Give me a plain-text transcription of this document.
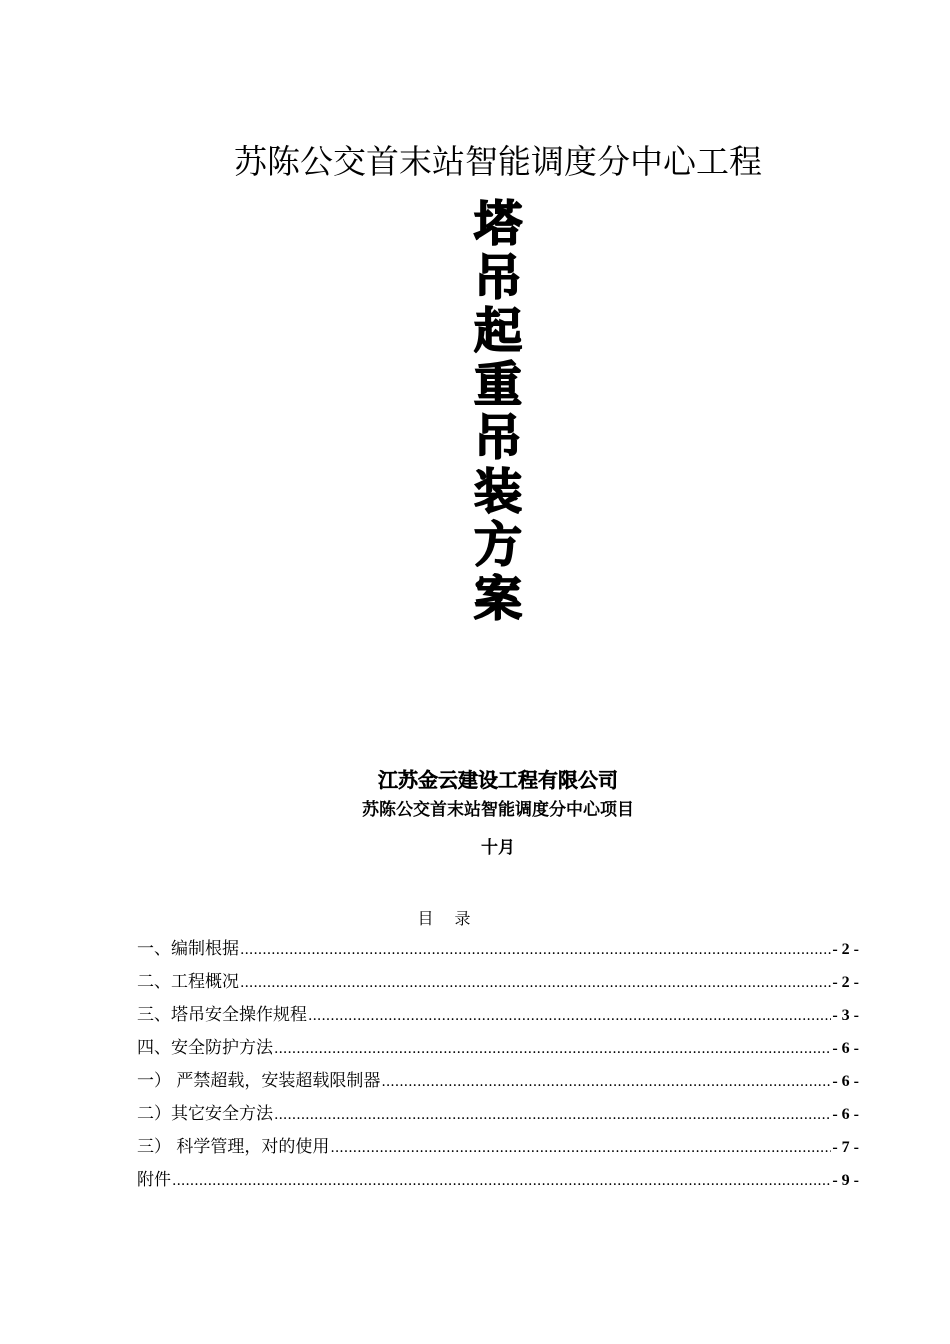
苏陈公交首末站智能调度分中心工程
塔
吊
起
重
吊
装
方
案
江苏金云建设工程有限公司
苏陈公交首末站智能调度分中心项目
十月
目 录
一、编制根据 .....	- 2 -
二、工程概况 .....	- 2 -
三、塔吊安全操作规程 .....	- 3 -
四、安全防护方法 .....	- 6 -
一） 严禁超载，安装超载限制器 .....	- 6 -
二）其它安全方法 .....	- 6 -
三） 科学管理，对的使用 .....	- 7 -
附件 .....	- 9 -
